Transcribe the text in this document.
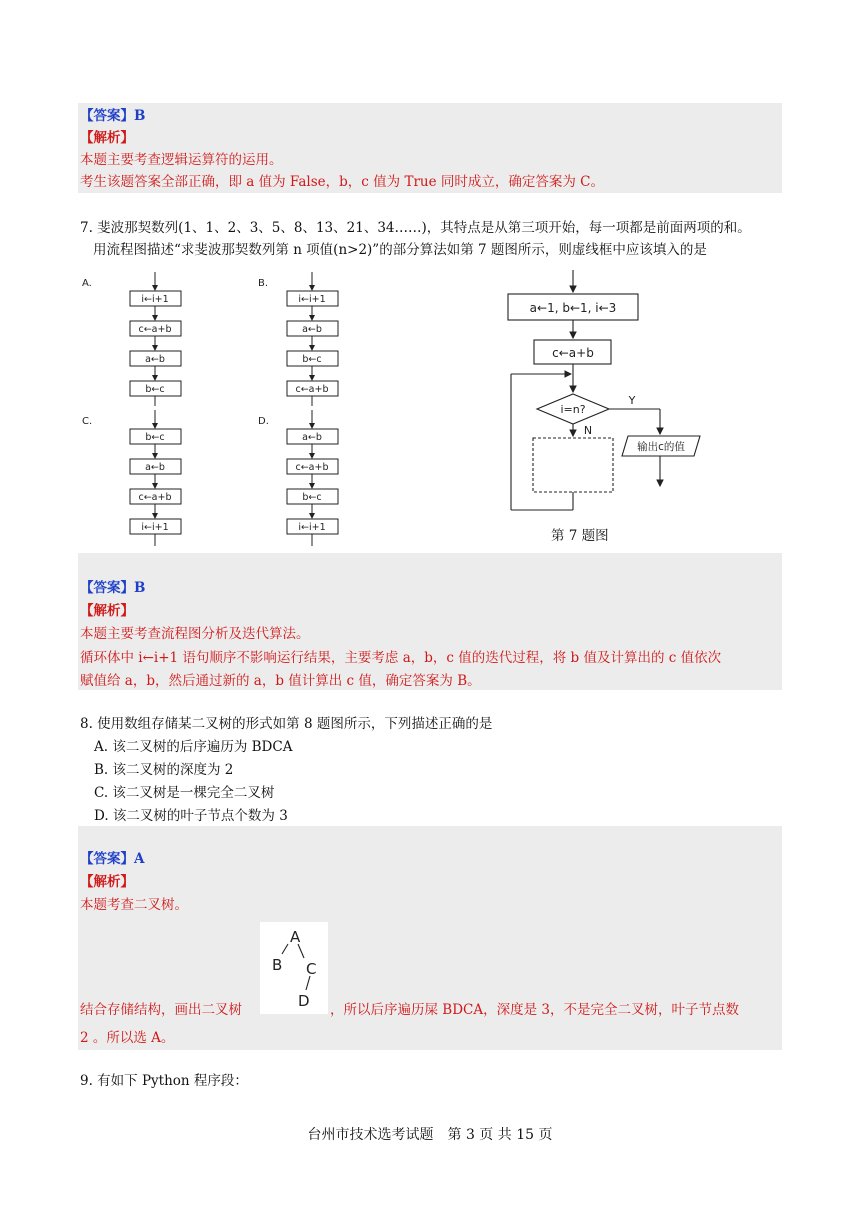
【答案】B
【解析】
本题主要考查逻辑运算符的运用。
考生该题答案全部正确，即 a 值为 False，b，c 值为 True 同时成立，确定答案为 C。
7. 斐波那契数列(1、1、2、3、5、8、13、21、34……)，其特点是从第三项开始，每一项都是前面两项的和。
用流程图描述“求斐波那契数列第 n 项值(n>2)”的部分算法如第 7 题图所示，则虚线框中应该填入的是
A.	B.
C.	D.
i←i+1
c←a+b
a←b
b←c
i←i+1
a←b
b←c
c←a+b
b←c
a←b
c←a+b
i←i+1
a←b
c←a+b
b←c
i←i+1
a←1, b←1, i←3
c←a+b
i=n?
输出c的值
Y
N
第 7 题图
【答案】B
【解析】
本题主要考查流程图分析及迭代算法。
循环体中 i←i+1 语句顺序不影响运行结果，主要考虑 a，b，c 值的迭代过程，将 b 值及计算出的 c 值依次
赋值给 a，b，然后通过新的 a，b 值计算出 c 值，确定答案为 B。
8. 使用数组存储某二叉树的形式如第 8 题图所示，下列描述正确的是
A. 该二叉树的后序遍历为 BDCA
B. 该二叉树的深度为 2
C. 该二叉树是一棵完全二叉树
D. 该二叉树的叶子节点个数为 3
【答案】A
【解析】
本题考查二叉树。
A
B C
D
结合存储结构，画出二叉树	，所以后序遍历屎 BDCA，深度是 3，不是完全二叉树，叶子节点数
2 。所以选 A。
9. 有如下 Python 程序段：
台州市技术选考试题　第 3 页 共 15 页
